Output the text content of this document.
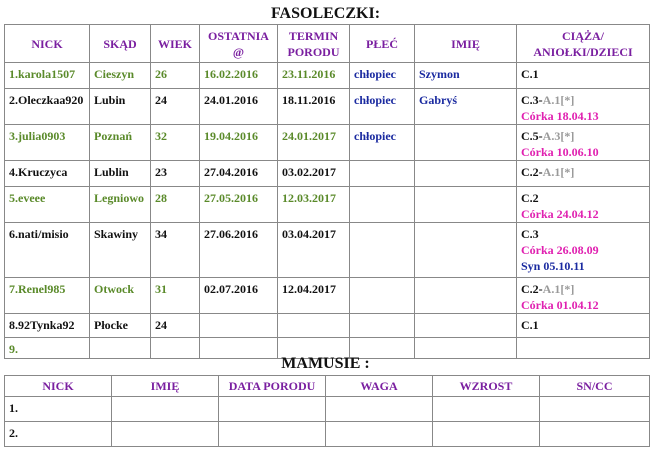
FASOLECZKI:
NICK	SKĄD	WIEK	OSTATNIA @	TERMIN PORODU	PŁEĆ	IMIĘ	CIĄŻA/ ANIOŁKI/DZIECI

1.karola1507	Cieszyn	26	16.02.2016	23.11.2016	chłopiec	Szymon	C.1

2.Oleczkaa920	Lubin	24	24.01.2016	18.11.2016	chłopiec	Gabryś	C.3-A.1[*]
Córka 18.04.13

3.julia0903	Poznań	32	19.04.2016	24.01.2017	chłopiec		C.5-A.3[*]
Córka 10.06.10

4.Kruczyca	Lublin	23	27.04.2016	03.02.2017			C.2-A.1[*]

5.eveee	Legniowo	28	27.05.2016	12.03.2017			C.2
Córka 24.04.12

6.nati/misio	Skawiny	34	27.06.2016	03.04.2017			C.3
Córka 26.08.09
Syn 05.10.11

7.Renel985	Otwock	31	02.07.2016	12.04.2017			C.2-A.1[*]
Córka 01.04.12

8.92Tynka92	Płocke	24					C.1

9.							

MAMUSIE :
NICK	IMIĘ	DATA PORODU	WAGA	WZROST	SN/CC

1.					

2.					
